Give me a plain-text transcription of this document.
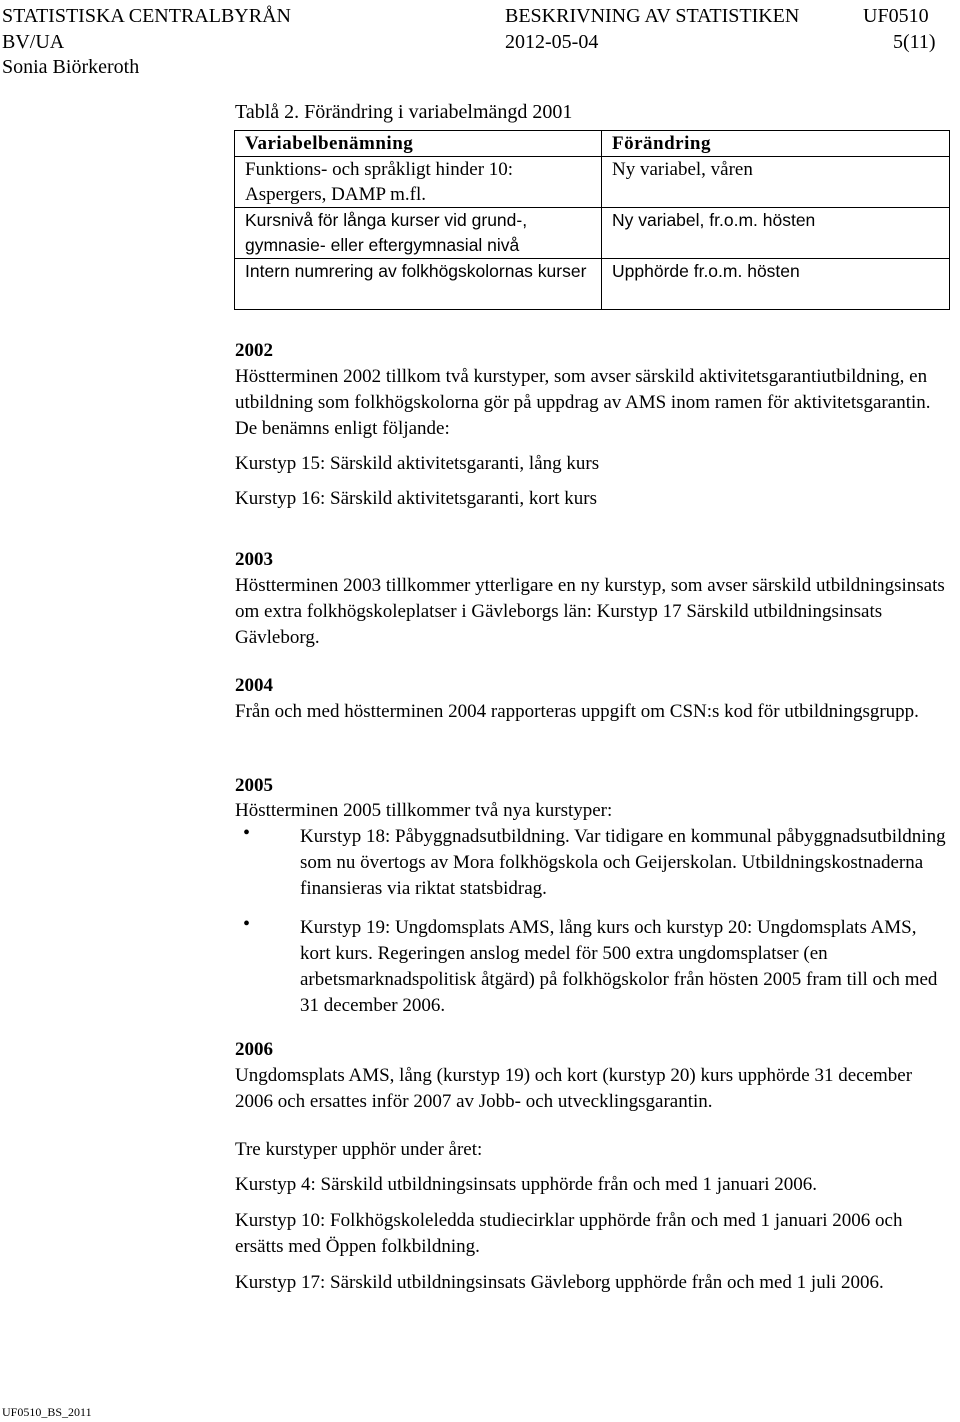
STATISTISKA CENTRALBYRÅN	BESKRIVNING AV STATISTIKEN	UF0510
BV/UA	2012-05-04	5(11)
Sonia Biörkeroth
Tablå 2. Förändring i variabelmängd 2001
Variabelbenämning	Förändring
Funktions- och språkligt hinder 10: Aspergers, DAMP m.fl.	Ny variabel, våren
Kursnivå för långa kurser vid grund-, gymnasie- eller eftergymnasial nivå	Ny variabel, fr.o.m. hösten
Intern numrering av folkhögskolornas kurser	Upphörde fr.o.m. hösten
2002
Höstterminen 2002 tillkom två kurstyper, som avser särskild aktivitetsgarantiutbildning, en utbildning som folkhögskolorna gör på uppdrag av AMS inom ramen för aktivitetsgarantin. De benämns enligt följande:
Kurstyp 15: Särskild aktivitetsgaranti, lång kurs
Kurstyp 16: Särskild aktivitetsgaranti, kort kurs
2003
Höstterminen 2003 tillkommer ytterligare en ny kurstyp, som avser särskild utbildningsinsats om extra folkhögskoleplatser i Gävleborgs län: Kurstyp 17 Särskild utbildningsinsats Gävleborg.
2004
Från och med höstterminen 2004 rapporteras uppgift om CSN:s kod för utbildningsgrupp.
2005
Höstterminen 2005 tillkommer två nya kurstyper:
•	Kurstyp 18: Påbyggnadsutbildning. Var tidigare en kommunal påbyggnadsutbildning som nu övertogs av Mora folkhögskola och Geijerskolan. Utbildningskostnaderna finansieras via riktat statsbidrag.
•	Kurstyp 19: Ungdomsplats AMS, lång kurs och kurstyp 20: Ungdomsplats AMS, kort kurs. Regeringen anslog medel för 500 extra ungdomsplatser (en arbetsmarknadspolitisk åtgärd) på folkhögskolor från hösten 2005 fram till och med 31 december 2006.
2006
Ungdomsplats AMS, lång (kurstyp 19) och kort (kurstyp 20) kurs upphörde 31 december 2006 och ersattes inför 2007 av Jobb- och utvecklingsgarantin.
Tre kurstyper upphör under året:
Kurstyp 4: Särskild utbildningsinsats upphörde från och med 1 januari 2006.
Kurstyp 10: Folkhögskoleledda studiecirklar upphörde från och med 1 januari 2006 och ersätts med Öppen folkbildning.
Kurstyp 17: Särskild utbildningsinsats Gävleborg upphörde från och med 1 juli 2006.
UF0510_BS_2011
